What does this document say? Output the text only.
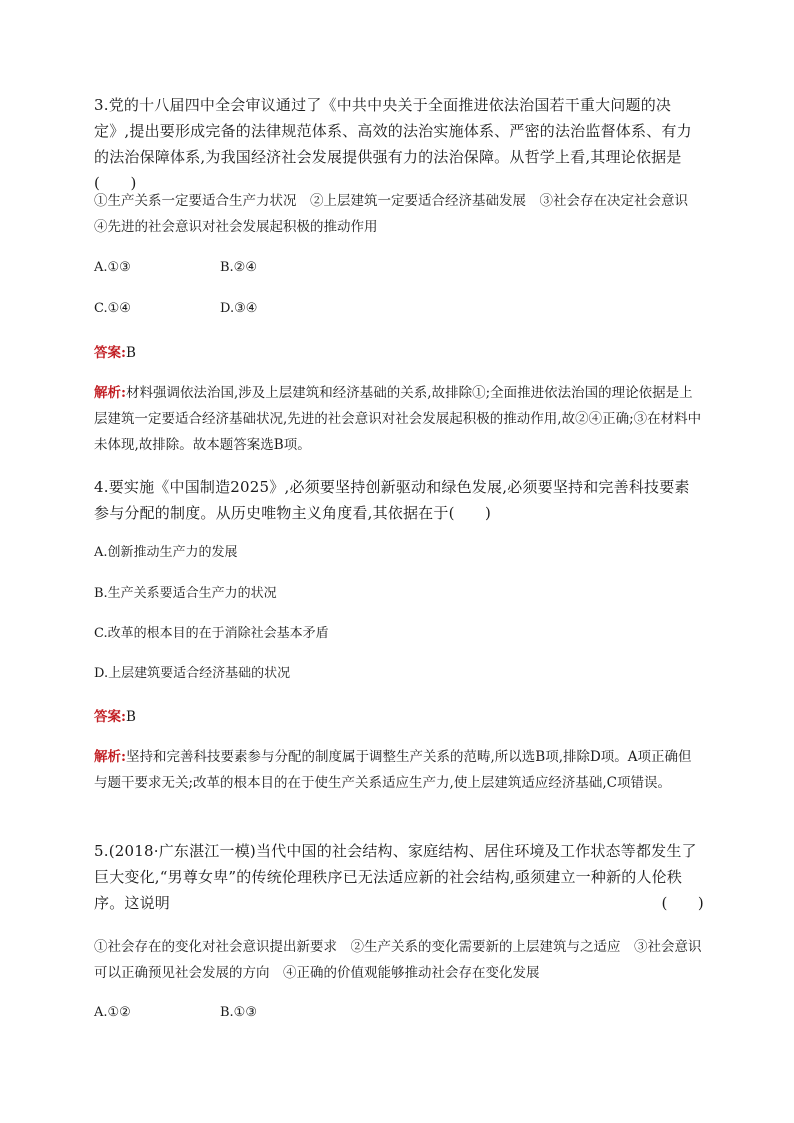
3.党的十八届四中全会审议通过了《中共中央关于全面推进依法治国若干重大问题的决定》,提出要形成完备的法律规范体系、高效的法治实施体系、严密的法治监督体系、有力的法治保障体系,为我国经济社会发展提供强有力的法治保障。从哲学上看,其理论依据是(　　)

①生产关系一定要适合生产力状况　②上层建筑一定要适合经济基础发展　③社会存在决定社会意识　④先进的社会意识对社会发展起积极的推动作用

A.①③	B.②④
C.①④	D.③④

答案:B

解析:材料强调依法治国,涉及上层建筑和经济基础的关系,故排除①;全面推进依法治国的理论依据是上层建筑一定要适合经济基础状况,先进的社会意识对社会发展起积极的推动作用,故②④正确;③在材料中未体现,故排除。故本题答案选B项。

4.要实施《中国制造2025》,必须要坚持创新驱动和绿色发展,必须要坚持和完善科技要素参与分配的制度。从历史唯物主义角度看,其依据在于(　　)

A.创新推动生产力的发展
B.生产关系要适合生产力的状况
C.改革的根本目的在于消除社会基本矛盾
D.上层建筑要适合经济基础的状况

答案:B

解析:坚持和完善科技要素参与分配的制度属于调整生产关系的范畴,所以选B项,排除D项。A项正确但与题干要求无关;改革的根本目的在于使生产关系适应生产力,使上层建筑适应经济基础,C项错误。

5.(2018·广东湛江一模)当代中国的社会结构、家庭结构、居住环境及工作状态等都发生了巨大变化,“男尊女卑”的传统伦理秩序已无法适应新的社会结构,亟须建立一种新的人伦秩序。这说明	(　　)

①社会存在的变化对社会意识提出新要求　②生产关系的变化需要新的上层建筑与之适应　③社会意识可以正确预见社会发展的方向　④正确的价值观能够推动社会存在变化发展

A.①②	B.①③
